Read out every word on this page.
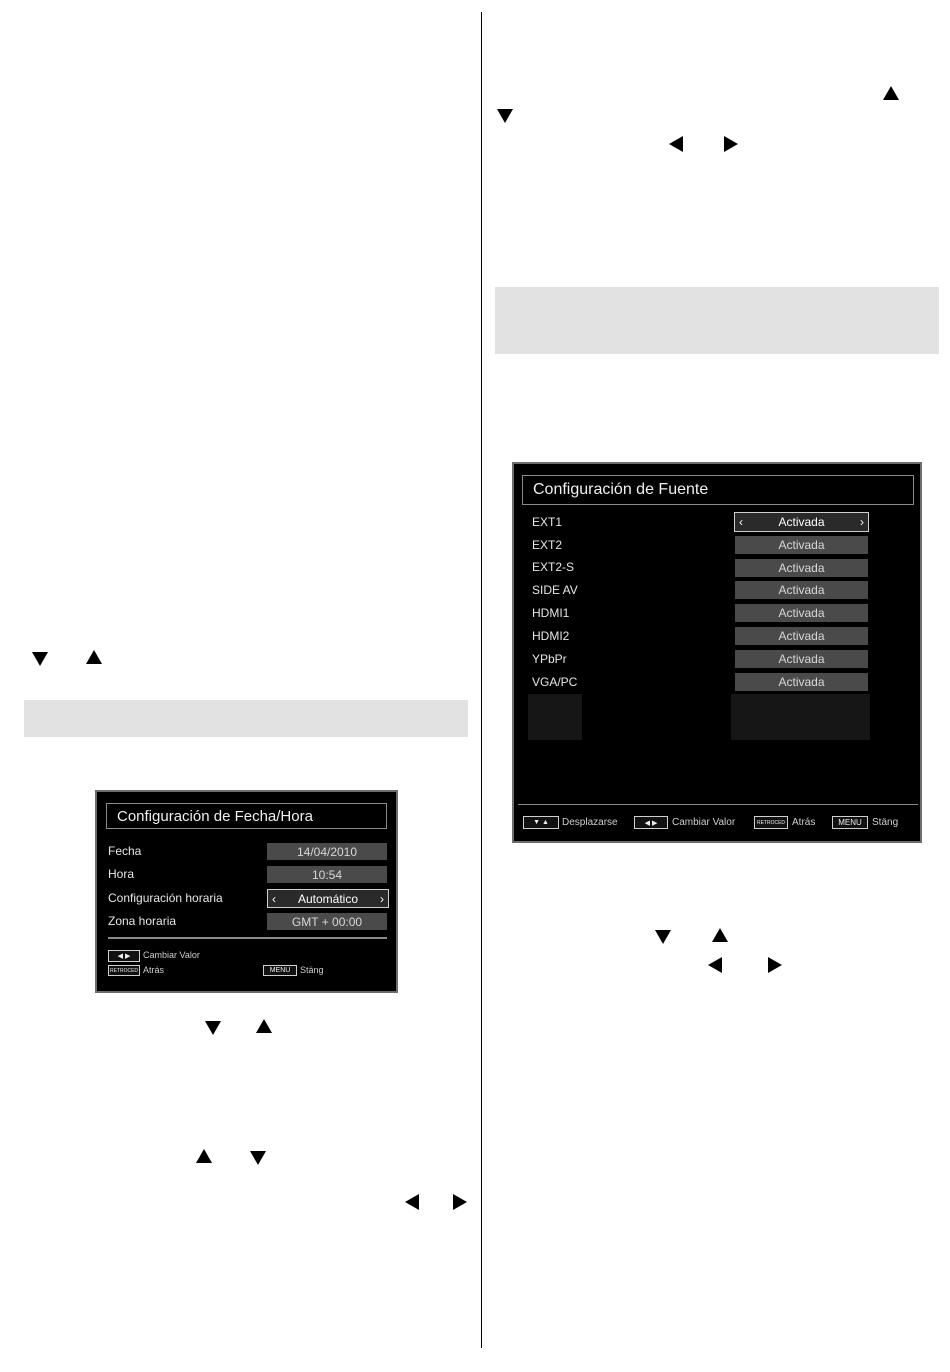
Configuración de Fecha/Hora
Fecha	14/04/2010
Hora	10:54
Configuración horaria	‹ Automático ›
Zona horaria	GMT + 00:00
◀
▶ Cambiar Valor
RETROCED Atrás	MENU	Stäng
Configuración de Fuente
EXT1	‹	Activada	›
EXT2	Activada
EXT2-S	Activada
SIDE AV	Activada
HDMI1	Activada
HDMI2	Activada
YPbPr	Activada
VGA/PC	Activada
▼
▲ Desplazarse	◀
▶ Cambiar Valor	RETROCED Atrás	MENU	Stäng
